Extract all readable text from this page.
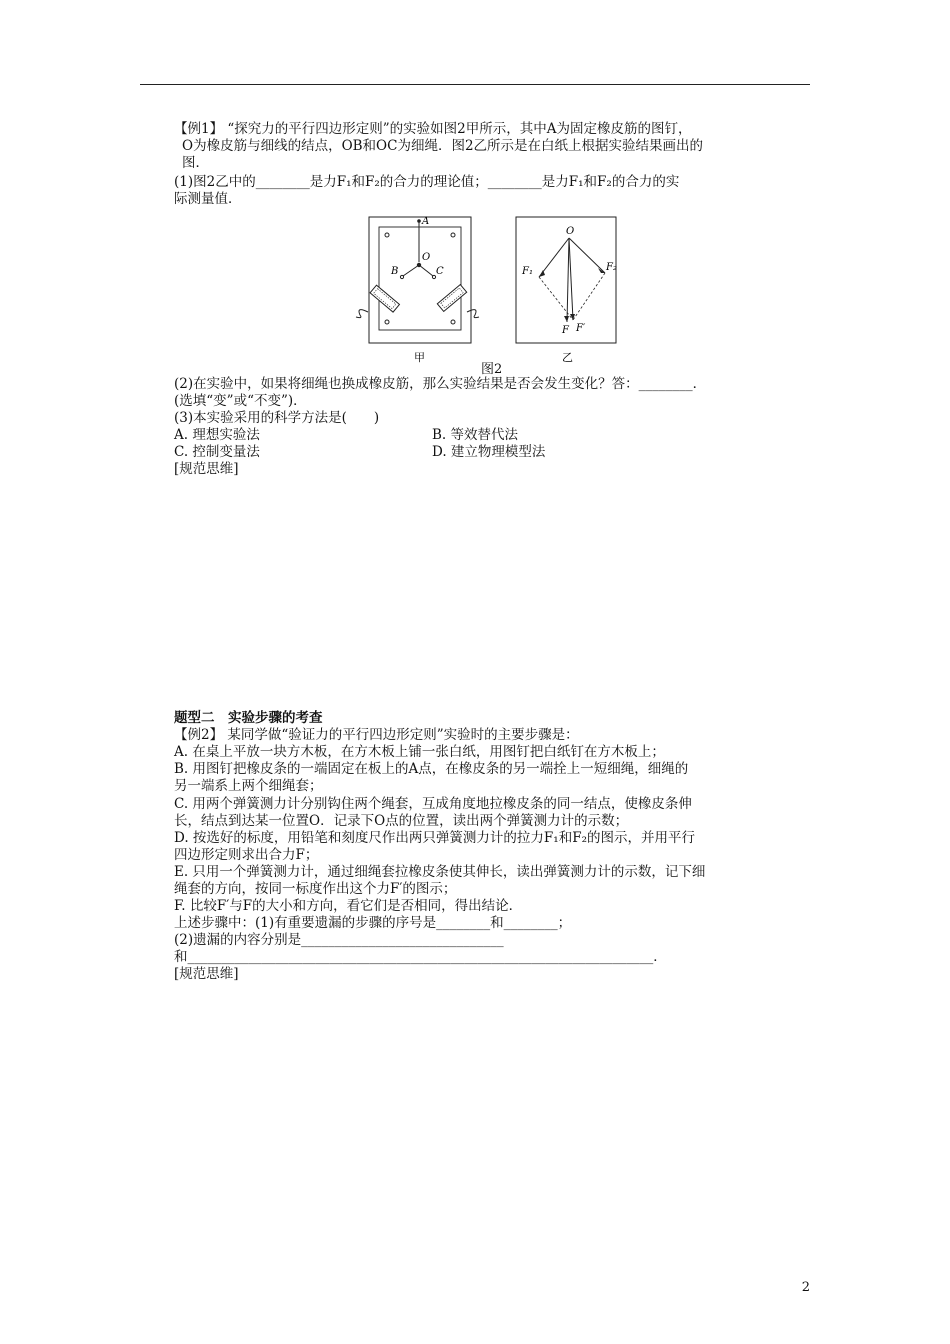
【例1】 “探究力的平行四边形定则”的实验如图2甲所示，其中A为固定橡皮筋的图钉，
O为橡皮筋与细线的结点，OB和OC为细绳．图2乙所示是在白纸上根据实验结果画出的
图．
(1)图2乙中的________是力F₁和F₂的合力的理论值；________是力F₁和F₂的合力的实
际测量值．
A
O
B	C
甲
O
F₁	F₂
F F′
乙
图2
(2)在实验中，如果将细绳也换成橡皮筋，那么实验结果是否会发生变化？答：________．
(选填“变”或“不变”)．
(3)本实验采用的科学方法是(　　)
A. 理想实验法	B. 等效替代法
C. 控制变量法	D. 建立物理模型法
[规范思维]
题型二　实验步骤的考查
【例2】 某同学做“验证力的平行四边形定则”实验时的主要步骤是：
A. 在桌上平放一块方木板，在方木板上铺一张白纸，用图钉把白纸钉在方木板上；
B. 用图钉把橡皮条的一端固定在板上的A点，在橡皮条的另一端拴上一短细绳，细绳的
另一端系上两个细绳套；
C. 用两个弹簧测力计分别钩住两个绳套，互成角度地拉橡皮条的同一结点，使橡皮条伸
长，结点到达某一位置O．记录下O点的位置，读出两个弹簧测力计的示数；
D. 按选好的标度，用铅笔和刻度尺作出两只弹簧测力计的拉力F₁和F₂的图示，并用平行
四边形定则求出合力F；
E. 只用一个弹簧测力计，通过细绳套拉橡皮条使其伸长，读出弹簧测力计的示数，记下细
绳套的方向，按同一标度作出这个力F′的图示；
F. 比较F′与F的大小和方向，看它们是否相同，得出结论．
上述步骤中：(1)有重要遗漏的步骤的序号是________和________；
(2)遗漏的内容分别是______________________________
和_____________________________________________________________________．
[规范思维]
2
